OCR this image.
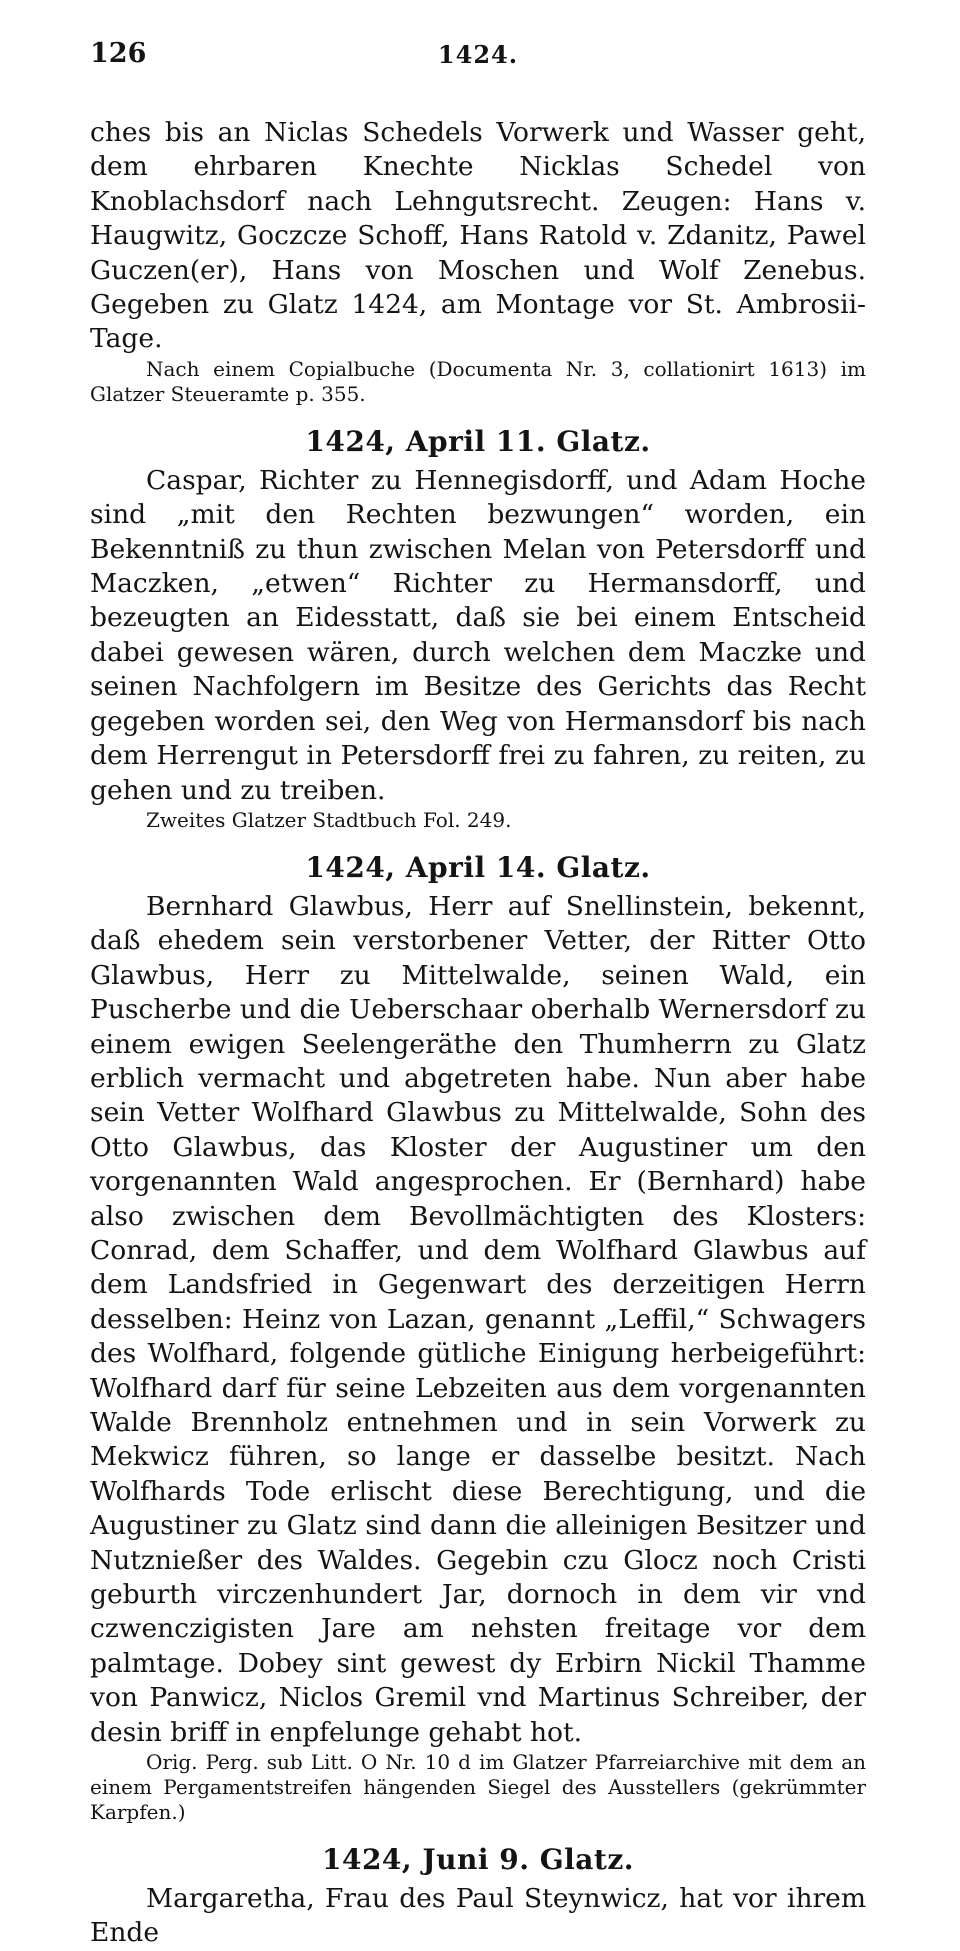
126	1424.

ches bis an Niclas Schedels Vorwerk und Wasser geht, dem ehrbaren Knechte Nicklas Schedel von Knoblachsdorf nach Lehngutsrecht. Zeugen: Hans v. Haugwitz, Goczcze Schoff, Hans Ratold v. Zdanitz, Pawel Guczen(er), Hans von Moschen und Wolf Zenebus. Gegeben zu Glatz 1424, am Montage vor St. Ambrosii-Tage.

Nach einem Copialbuche (Documenta Nr. 3, collationirt 1613) im Glatzer Steueramte p. 355.

1424, April 11. Glatz.

Caspar, Richter zu Hennegisdorff, und Adam Hoche sind „mit den Rechten bezwungen“ worden, ein Bekenntniß zu thun zwischen Melan von Petersdorff und Maczken, „etwen“ Richter zu Hermansdorff, und bezeugten an Eidesstatt, daß sie bei einem Entscheid dabei gewesen wären, durch welchen dem Maczke und seinen Nachfolgern im Besitze des Gerichts das Recht gegeben worden sei, den Weg von Hermansdorf bis nach dem Herrengut in Petersdorff frei zu fahren, zu reiten, zu gehen und zu treiben.

Zweites Glatzer Stadtbuch Fol. 249.

1424, April 14. Glatz.

Bernhard Glawbus, Herr auf Snellinstein, bekennt, daß ehedem sein verstorbener Vetter, der Ritter Otto Glawbus, Herr zu Mittelwalde, seinen Wald, ein Puscherbe und die Ueberschaar oberhalb Wernersdorf zu einem ewigen Seelengeräthe den Thumherrn zu Glatz erblich vermacht und abgetreten habe. Nun aber habe sein Vetter Wolfhard Glawbus zu Mittelwalde, Sohn des Otto Glawbus, das Kloster der Augustiner um den vorgenannten Wald angesprochen. Er (Bernhard) habe also zwischen dem Bevollmächtigten des Klosters: Conrad, dem Schaffer, und dem Wolfhard Glawbus auf dem Landsfried in Gegenwart des derzeitigen Herrn desselben: Heinz von Lazan, genannt „Leffil,“ Schwagers des Wolfhard, folgende gütliche Einigung herbeigeführt: Wolfhard darf für seine Lebzeiten aus dem vorgenannten Walde Brennholz entnehmen und in sein Vorwerk zu Mekwicz führen, so lange er dasselbe besitzt. Nach Wolfhards Tode erlischt diese Berechtigung, und die Augustiner zu Glatz sind dann die alleinigen Besitzer und Nutznießer des Waldes. Gegebin czu Glocz noch Cristi geburth virczenhundert Jar, dornoch in dem vir vnd czwenczigisten Jare am nehsten freitage vor dem palmtage. Dobey sint gewest dy Erbirn Nickil Thamme von Panwicz, Niclos Gremil vnd Martinus Schreiber, der desin briff in enpfelunge gehabt hot.

Orig. Perg. sub Litt. O Nr. 10 d im Glatzer Pfarreiarchive mit dem an einem Pergamentstreifen hängenden Siegel des Ausstellers (gekrümmter Karpfen.)

1424, Juni 9. Glatz.

Margaretha, Frau des Paul Steynwicz, hat vor ihrem Ende
